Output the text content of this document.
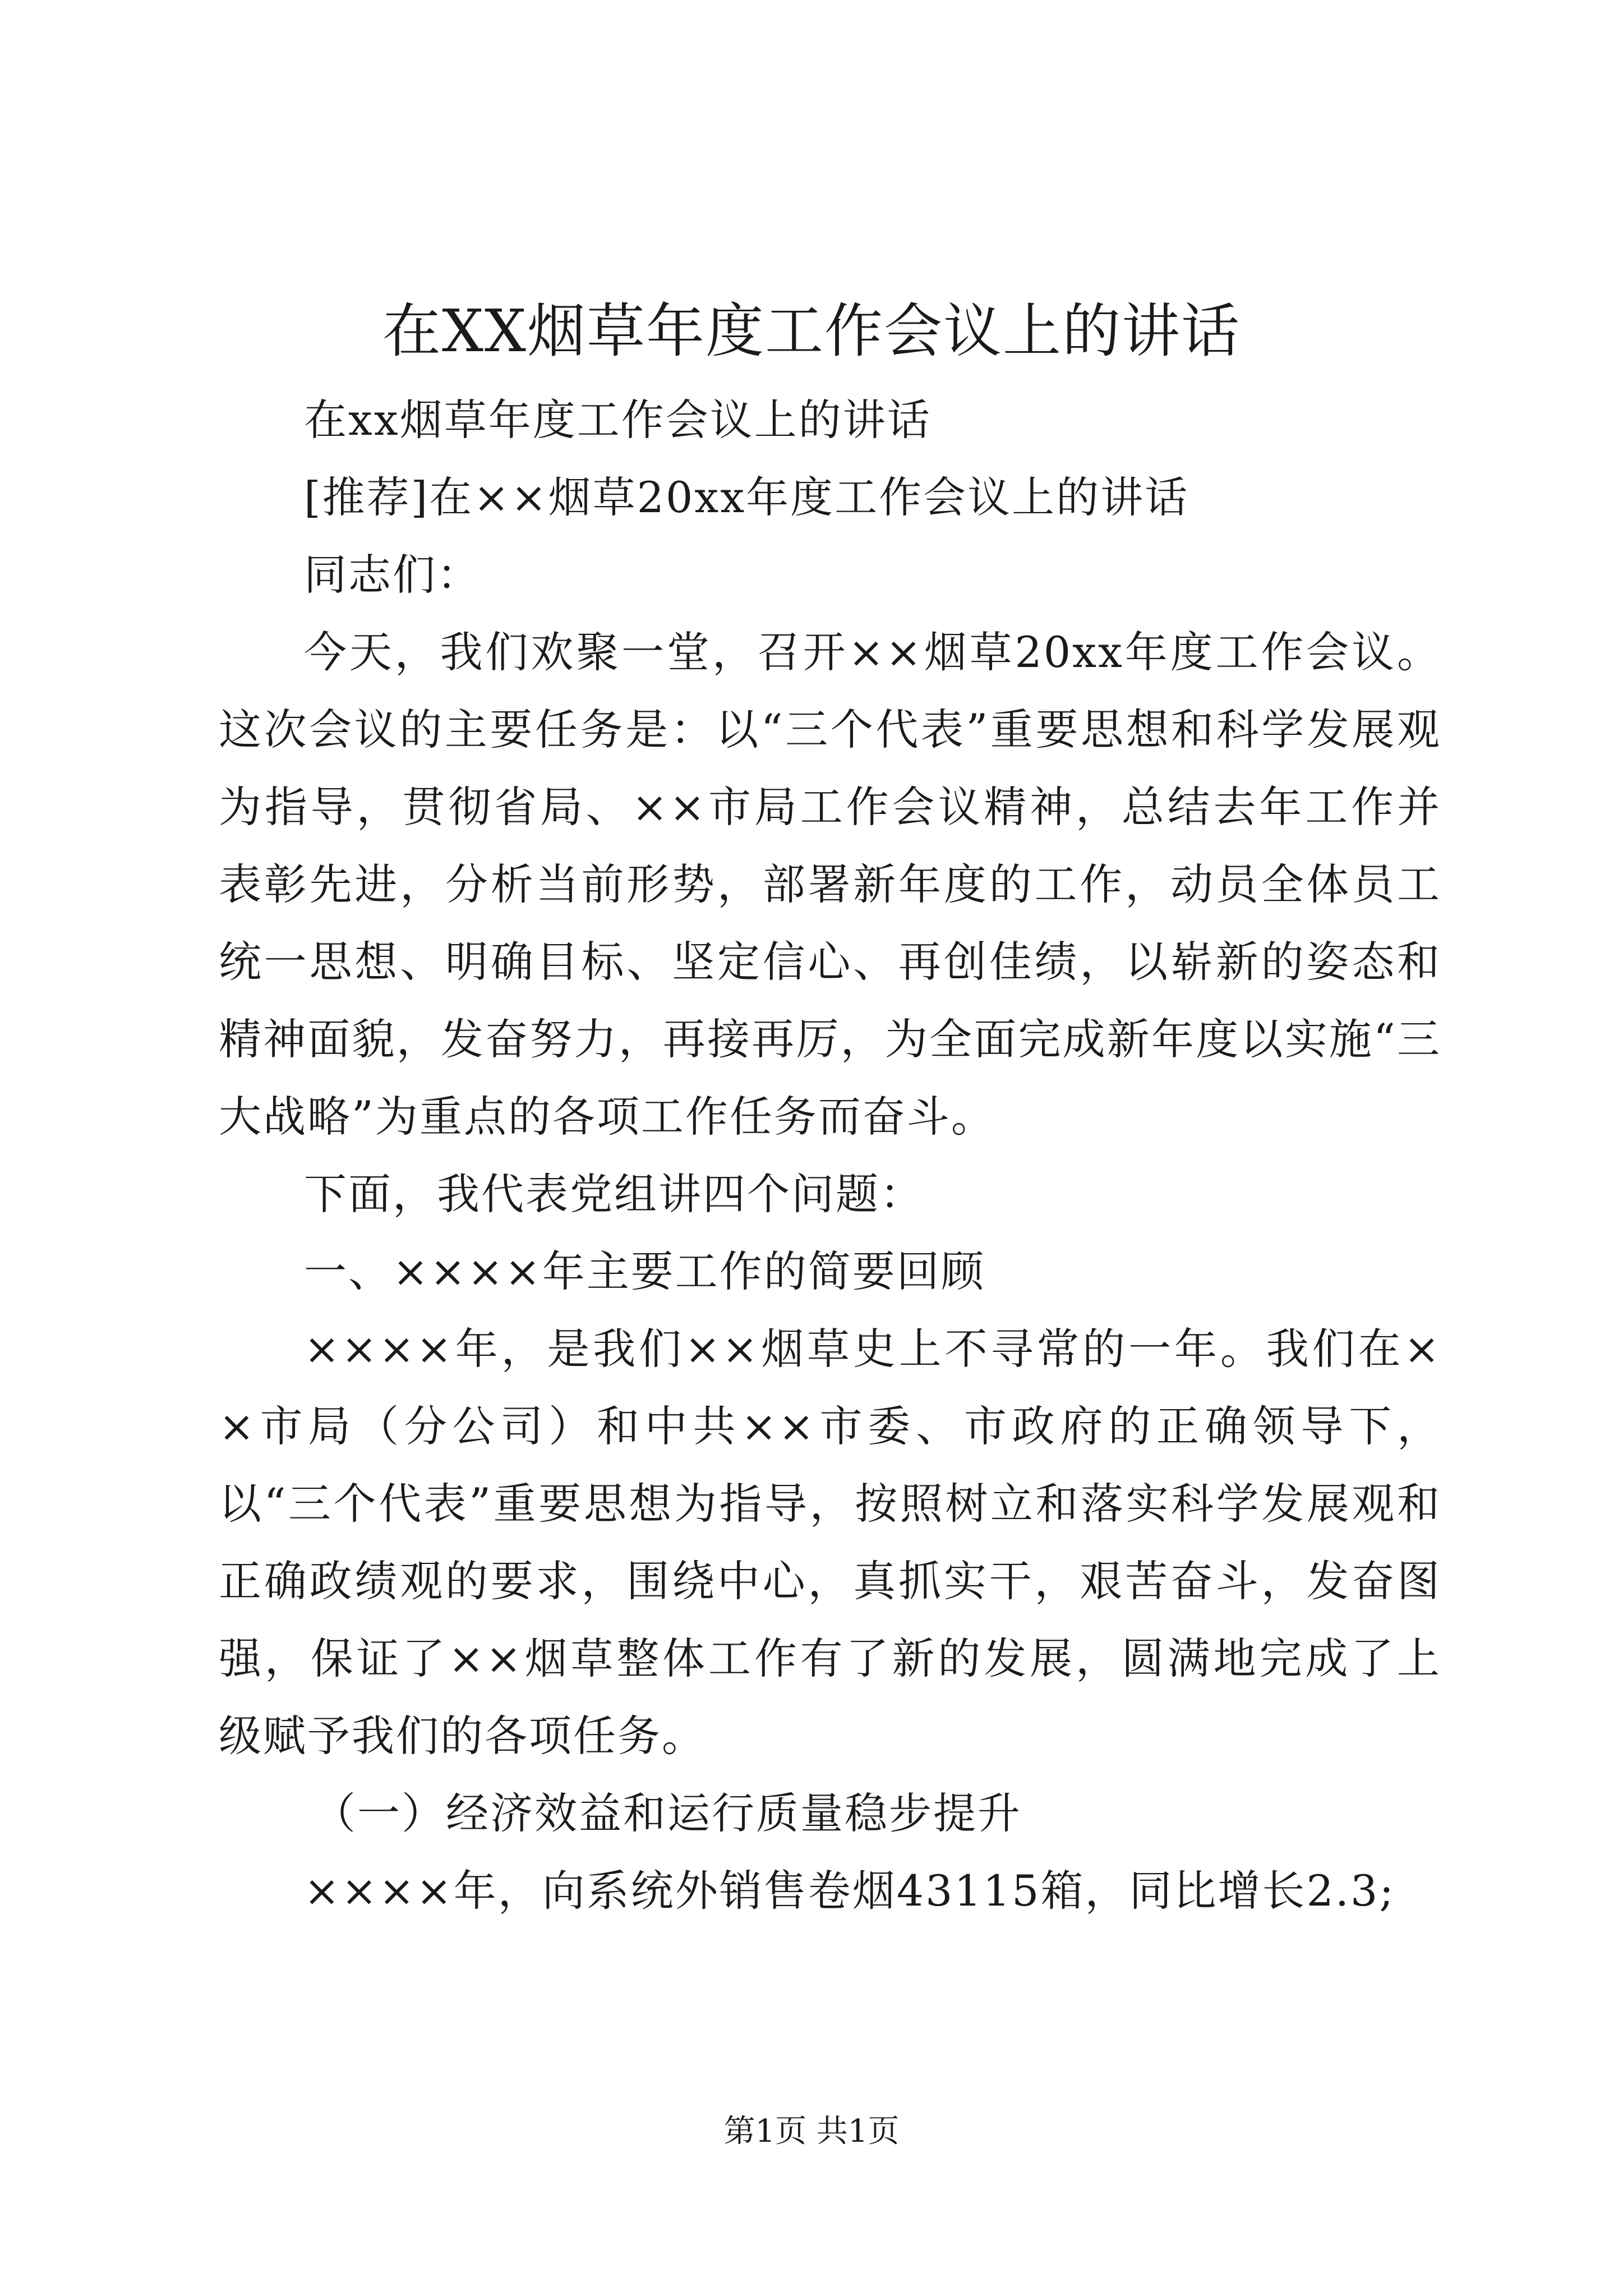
在XX烟草年度工作会议上的讲话

在xx烟草年度工作会议上的讲话

[推荐]在××烟草20xx年度工作会议上的讲话

同志们：

今天，我们欢聚一堂，召开××烟草20xx年度工作会议。这次会议的主要任务是：以“三个代表”重要思想和科学发展观为指导，贯彻省局、××市局工作会议精神，总结去年工作并表彰先进，分析当前形势，部署新年度的工作，动员全体员工统一思想、明确目标、坚定信心、再创佳绩，以崭新的姿态和精神面貌，发奋努力，再接再厉，为全面完成新年度以实施“三大战略”为重点的各项工作任务而奋斗。

下面，我代表党组讲四个问题：

一、××××年主要工作的简要回顾

××××年，是我们××烟草史上不寻常的一年。我们在××市局（分公司）和中共××市委、市政府的正确领导下，以“三个代表”重要思想为指导，按照树立和落实科学发展观和正确政绩观的要求，围绕中心，真抓实干，艰苦奋斗，发奋图强，保证了××烟草整体工作有了新的发展，圆满地完成了上级赋予我们的各项任务。

（一）经济效益和运行质量稳步提升

××××年，向系统外销售卷烟43115箱，同比增长2.3;

第1页 共1页
